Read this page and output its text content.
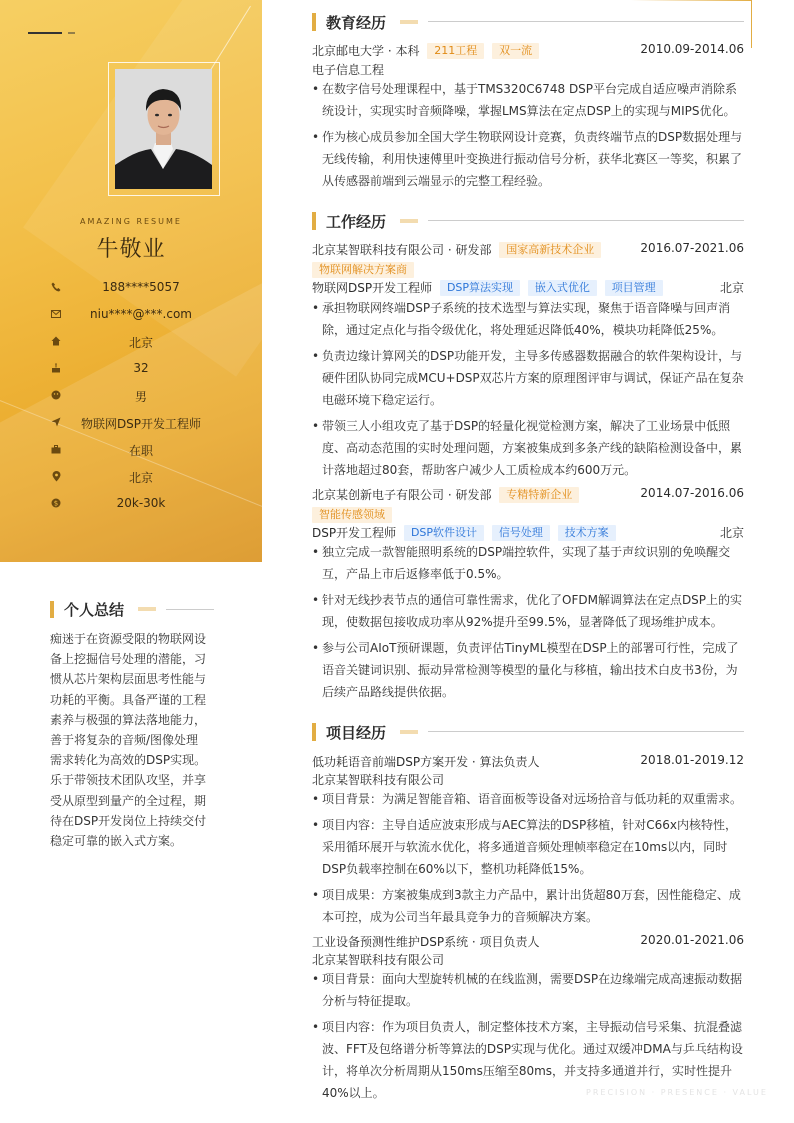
AMAZING RESUME
牛敬业
188****5057
niu****@***.com
北京
32
男
物联网DSP开发工程师
在职
北京
$	20k-30k
个人总结
痴迷于在资源受限的物联网设备上挖掘信号处理的潜能，习惯从芯片架构层面思考性能与功耗的平衡。具备严谨的工程素养与极强的算法落地能力，善于将复杂的音频/图像处理需求转化为高效的DSP实现。乐于带领技术团队攻坚，并享受从原型到量产的全过程，期待在DSP开发岗位上持续交付稳定可靠的嵌入式方案。
教育经历
北京邮电大学 · 本科 211工程 双一流	2010.09-2014.06
电子信息工程
• 在数字信号处理课程中，基于TMS320C6748 DSP平台完成自适应噪声消除系统设计，实现实时音频降噪，掌握LMS算法在定点DSP上的实现与MIPS优化。
• 作为核心成员参加全国大学生物联网设计竞赛，负责终端节点的DSP数据处理与无线传输，利用快速傅里叶变换进行振动信号分析，获华北赛区一等奖，积累了从传感器前端到云端显示的完整工程经验。
工作经历
北京某智联科技有限公司 · 研发部 国家高新技术企业	2016.07-2021.06
物联网解决方案商
物联网DSP开发工程师 DSP算法实现 嵌入式优化 项目管理	北京
• 承担物联网终端DSP子系统的技术选型与算法实现，聚焦于语音降噪与回声消除，通过定点化与指令级优化，将处理延迟降低40%，模块功耗降低25%。
• 负责边缘计算网关的DSP功能开发，主导多传感器数据融合的软件架构设计，与硬件团队协同完成MCU+DSP双芯片方案的原理图评审与调试，保证产品在复杂电磁环境下稳定运行。
• 带领三人小组攻克了基于DSP的轻量化视觉检测方案，解决了工业场景中低照度、高动态范围的实时处理问题，方案被集成到多条产线的缺陷检测设备中，累计落地超过80套，帮助客户减少人工质检成本约600万元。
北京某创新电子有限公司 · 研发部 专精特新企业	2014.07-2016.06
智能传感领域
DSP开发工程师 DSP软件设计 信号处理 技术方案	北京
• 独立完成一款智能照明系统的DSP端控软件，实现了基于声纹识别的免唤醒交互，产品上市后返修率低于0.5%。
• 针对无线抄表节点的通信可靠性需求，优化了OFDM解调算法在定点DSP上的实现，使数据包接收成功率从92%提升至99.5%，显著降低了现场维护成本。
• 参与公司AIoT预研课题，负责评估TinyML模型在DSP上的部署可行性，完成了语音关键词识别、振动异常检测等模型的量化与移植，输出技术白皮书3份，为后续产品路线提供依据。
项目经历
低功耗语音前端DSP方案开发 · 算法负责人	2018.01-2019.12
北京某智联科技有限公司
• 项目背景：为满足智能音箱、语音面板等设备对远场拾音与低功耗的双重需求。
• 项目内容：主导自适应波束形成与AEC算法的DSP移植，针对C66x内核特性，采用循环展开与软流水优化，将多通道音频处理帧率稳定在10ms以内，同时DSP负载率控制在60%以下，整机功耗降低15%。
• 项目成果：方案被集成到3款主力产品中，累计出货超80万套，因性能稳定、成本可控，成为公司当年最具竞争力的音频解决方案。
工业设备预测性维护DSP系统 · 项目负责人	2020.01-2021.06
北京某智联科技有限公司
• 项目背景：面向大型旋转机械的在线监测，需要DSP在边缘端完成高速振动数据分析与特征提取。
• 项目内容：作为项目负责人，制定整体技术方案，主导振动信号采集、抗混叠滤波、FFT及包络谱分析等算法的DSP实现与优化。通过双缓冲DMA与乒乓结构设计，将单次分析周期从150ms压缩至80ms，并支持多通道并行，实时性提升40%以上。	PRECISION · PRESENCE · VALUE
